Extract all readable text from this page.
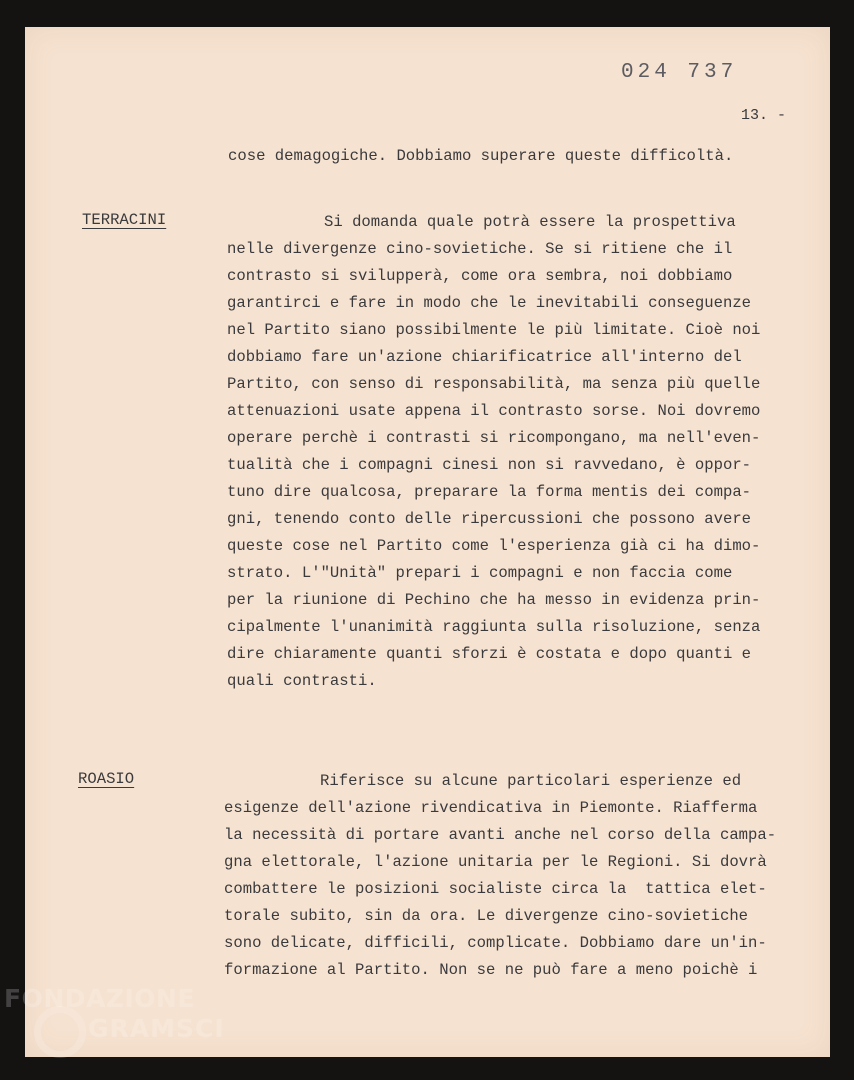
024 737
13. -

cose demagogiche. Dobbiamo superare queste difficoltà.

TERRACINI	Si domanda quale potrà essere la prospettiva

nelle divergenze cino-sovietiche. Se si ritiene che il

contrasto si svilupperà, come ora sembra, noi dobbiamo

garantirci e fare in modo che le inevitabili conseguenze

nel Partito siano possibilmente le più limitate. Cioè noi

dobbiamo fare un'azione chiarificatrice all'interno del

Partito, con senso di responsabilità, ma senza più quelle

attenuazioni usate appena il contrasto sorse. Noi dovremo

operare perchè i contrasti si ricompongano, ma nell'even-

tualità che i compagni cinesi non si ravvedano, è oppor-

tuno dire qualcosa, preparare la forma mentis dei compa-

gni, tenendo conto delle ripercussioni che possono avere

queste cose nel Partito come l'esperienza già ci ha dimo-

strato. L'"Unità" prepari i compagni e non faccia come

per la riunione di Pechino che ha messo in evidenza prin-

cipalmente l'unanimità raggiunta sulla risoluzione, senza

dire chiaramente quanti sforzi è costata e dopo quanti e

quali contrasti.

ROASIO	Riferisce su alcune particolari esperienze ed

esigenze dell'azione rivendicativa in Piemonte. Riafferma

la necessità di portare avanti anche nel corso della campa-

gna elettorale, l'azione unitaria per le Regioni. Si dovrà

combattere le posizioni socialiste circa la  tattica elet-

torale subito, sin da ora. Le divergenze cino-sovietiche

sono delicate, difficili, complicate. Dobbiamo dare un'in-

formazione al Partito. Non se ne può fare a meno poichè i

FONDAZIONE
GRAMSCI
